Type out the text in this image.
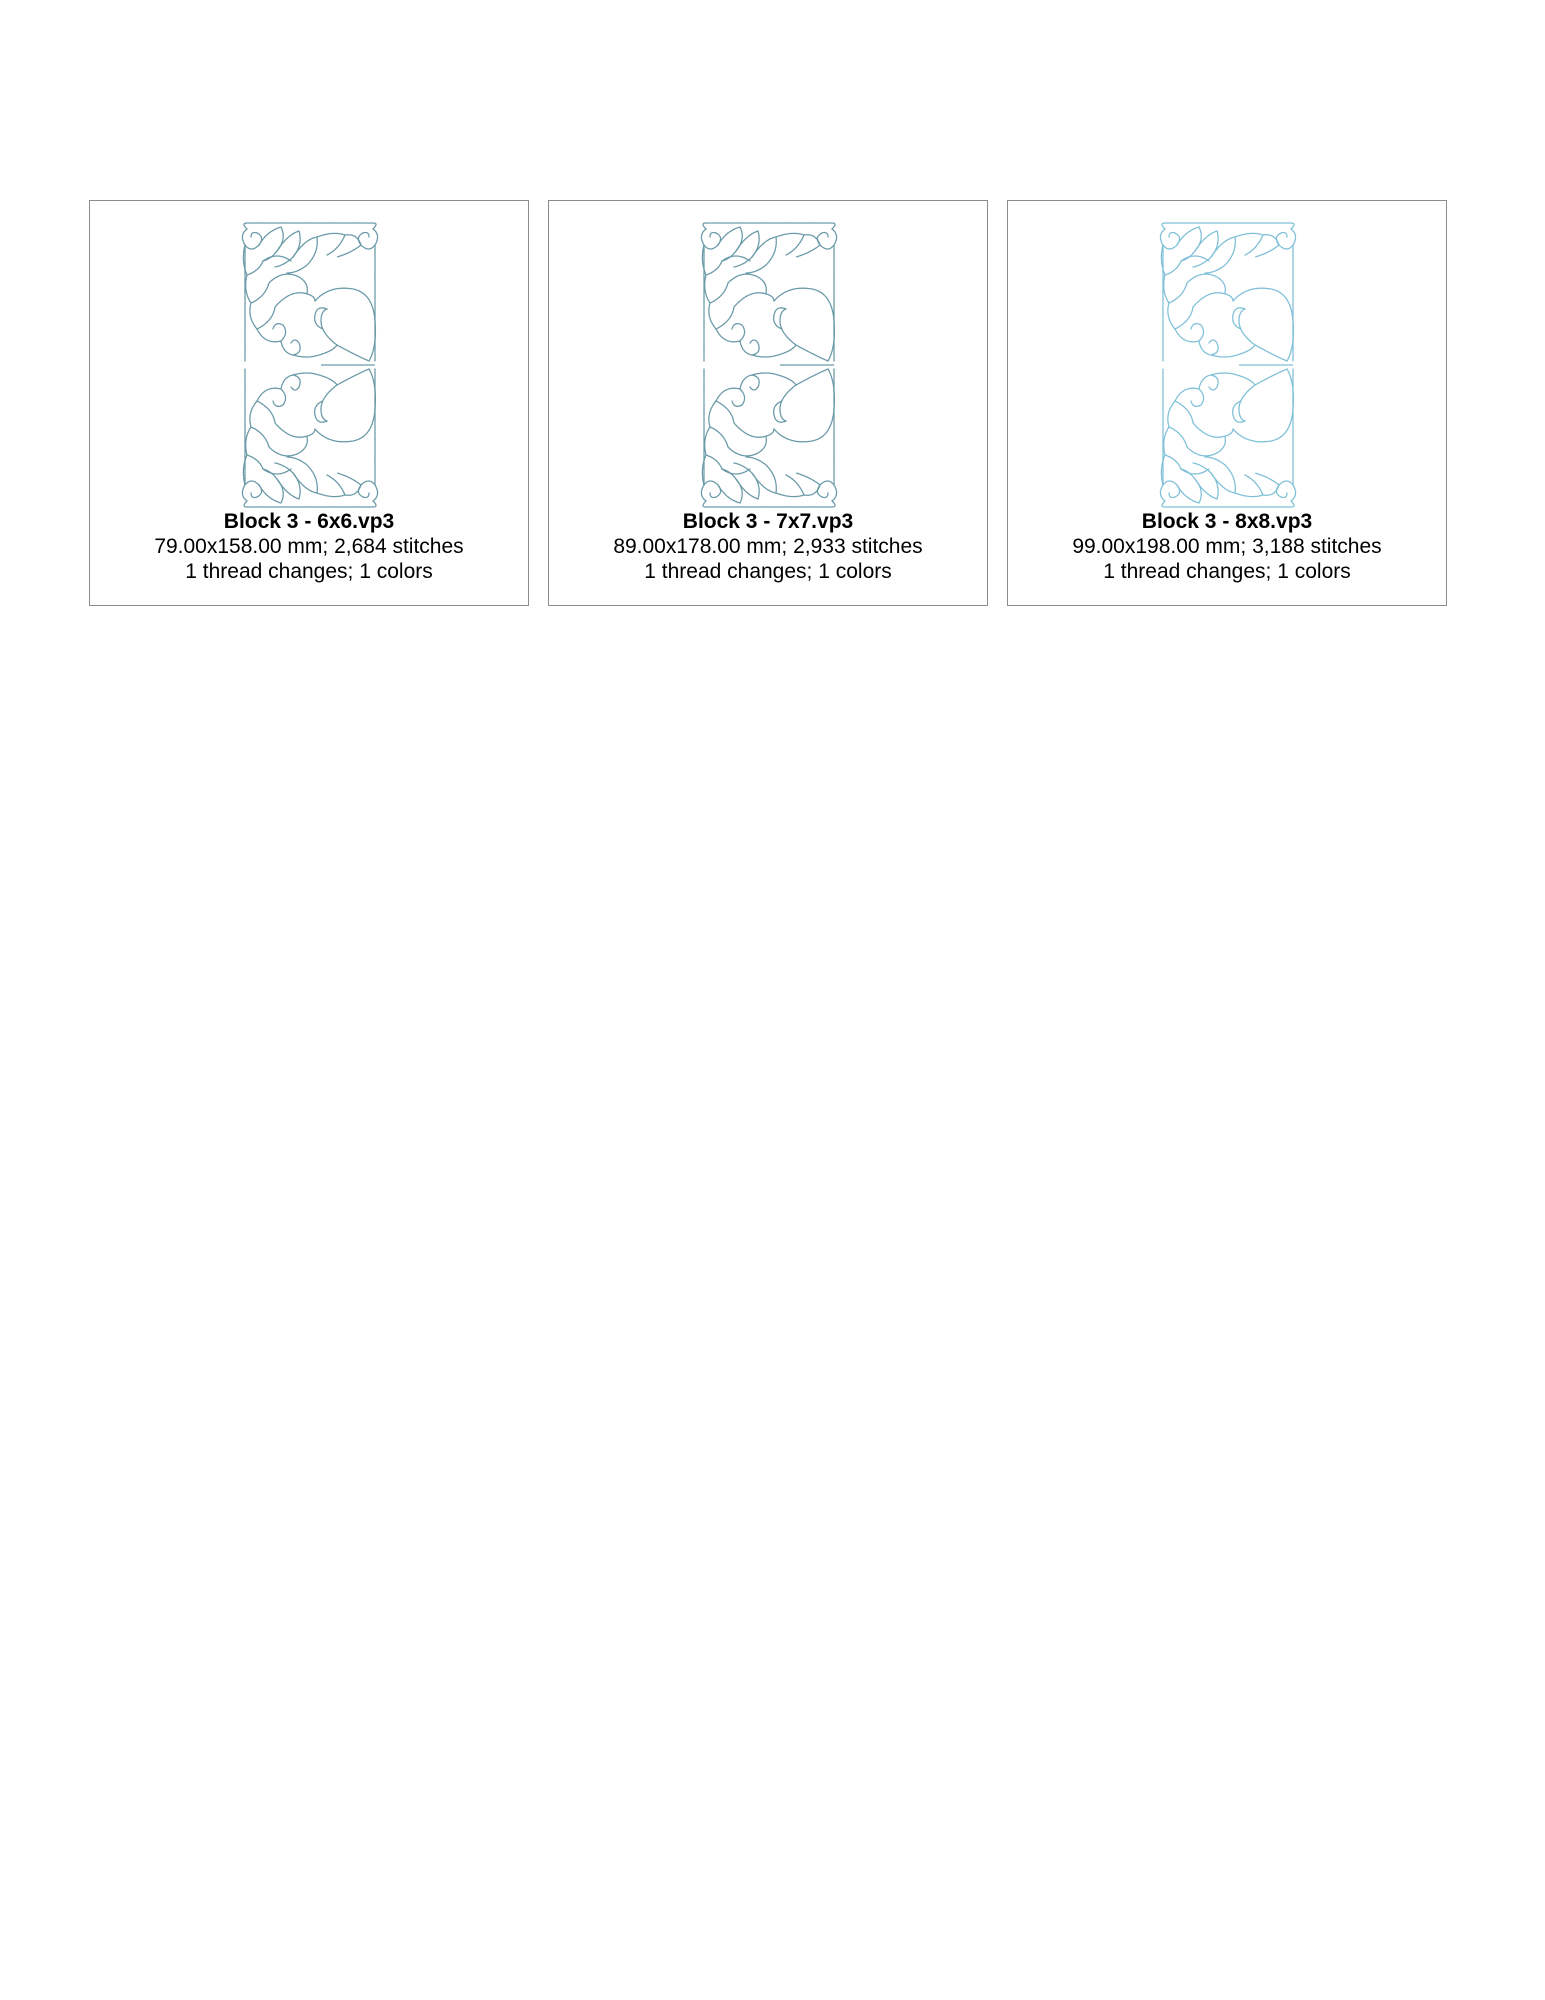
Block 3 - 6x6.vp3
79.00x158.00 mm; 2,684 stitches
1 thread changes; 1 colors
Block 3 - 7x7.vp3
89.00x178.00 mm; 2,933 stitches
1 thread changes; 1 colors
Block 3 - 8x8.vp3
99.00x198.00 mm; 3,188 stitches
1 thread changes; 1 colors
